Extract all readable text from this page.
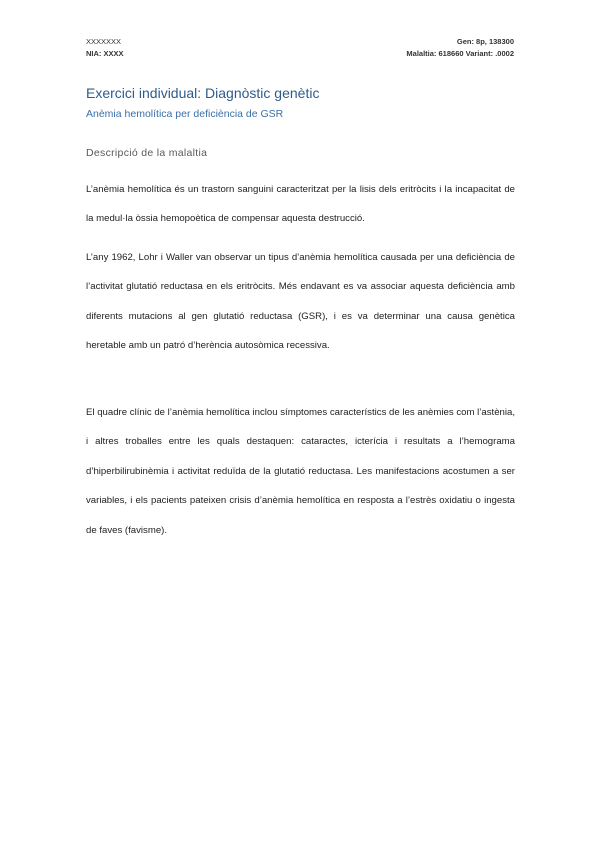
XXXXXXX
NIA: XXXX
Gen: 8p, 138300
Malaltia: 618660 Variant: .0002
Exercici individual: Diagnòstic genètic
Anèmia hemolítica per deficiència de GSR
Descripció de la malaltia

L’anèmia hemolítica és un trastorn sanguini caracteritzat per la lisis dels eritròcits i la incapacitat de la medul·la òssia hemopoètica de compensar aquesta destrucció.

L’any 1962, Lohr i Waller van observar un tipus d’anèmia hemolítica causada per una deficiència de l’activitat glutatió reductasa en els eritròcits. Més endavant es va associar aquesta deficiència amb diferents mutacions al gen glutatió reductasa (GSR), i es va determinar una causa genètica heretable amb un patró d’herència autosòmica recessiva.

El quadre clínic de l’anèmia hemolítica inclou símptomes característics de les anèmies com l’astènia, i altres troballes entre les quals destaquen: cataractes, icterícia i resultats a l’hemograma d’hiperbilirubinèmia i activitat reduïda de la glutatió reductasa. Les manifestacions acostumen a ser variables, i els pacients pateixen crisis d’anèmia hemolítica en resposta a l’estrès oxidatiu o ingesta de faves (favisme).
